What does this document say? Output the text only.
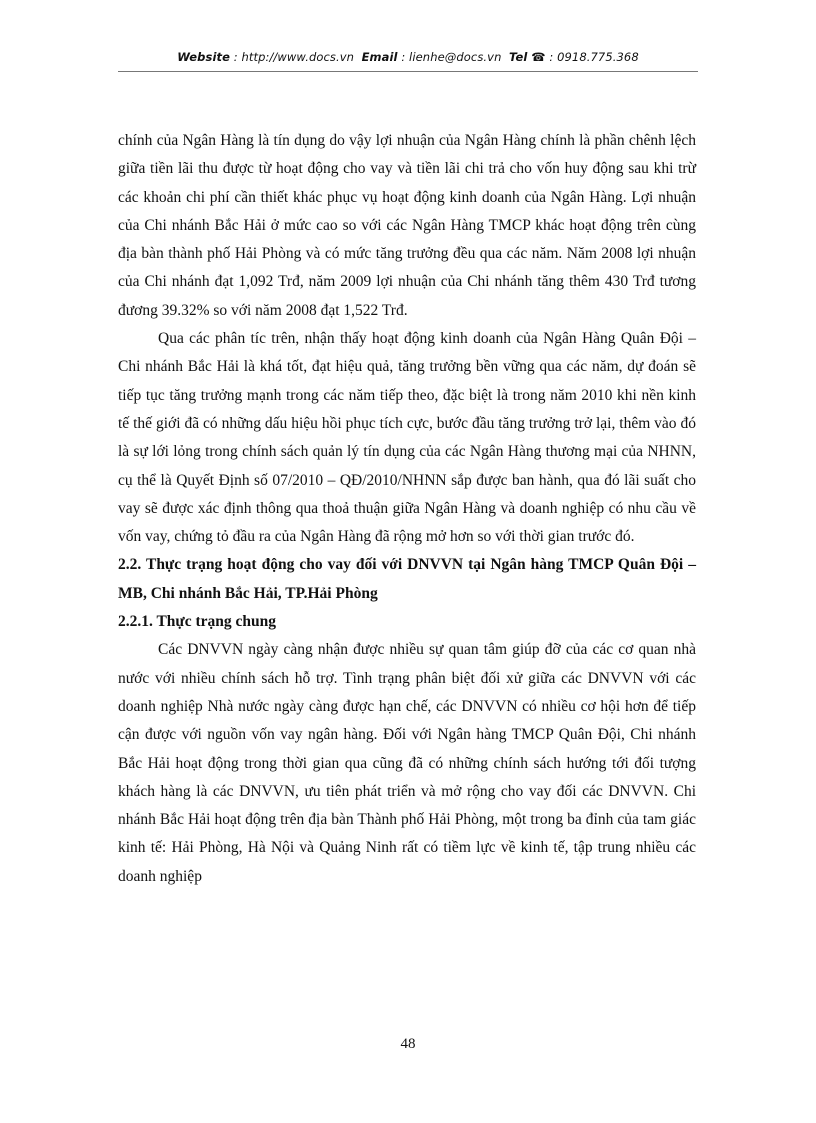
Website : http://www.docs.vn Email : lienhe@docs.vn Tel ☎ : 0918.775.368

chính của Ngân Hàng là tín dụng do vậy lợi nhuận của Ngân Hàng chính là phần chênh lệch giữa tiền lãi thu được từ hoạt động cho vay và tiền lãi chi trả cho vốn huy động sau khi trừ các khoản chi phí cần thiết khác phục vụ hoạt động kinh doanh của Ngân Hàng. Lợi nhuận của Chi nhánh Bắc Hải ở mức cao so với các Ngân Hàng TMCP khác hoạt động trên cùng địa bàn thành phố Hải Phòng và có mức tăng trưởng đều qua các năm. Năm 2008 lợi nhuận của Chi nhánh đạt 1,092 Trđ, năm 2009 lợi nhuận của Chi nhánh tăng thêm 430 Trđ tương đương 39.32% so với năm 2008 đạt 1,522 Trđ.

Qua các phân tíc trên, nhận thấy hoạt động kinh doanh của Ngân Hàng Quân Đội – Chi nhánh Bắc Hải là khá tốt, đạt hiệu quả, tăng trưởng bền vững qua các năm, dự đoán sẽ tiếp tục tăng trưởng mạnh trong các năm tiếp theo, đặc biệt là trong năm 2010 khi nền kinh tế thế giới đã có những dấu hiệu hồi phục tích cực, bước đầu tăng trưởng trở lại, thêm vào đó là sự lới lỏng trong chính sách quản lý tín dụng của các Ngân Hàng thương mại của NHNN, cụ thể là Quyết Định số 07/2010 – QĐ/2010/NHNN sắp được ban hành, qua đó lãi suất cho vay sẽ được xác định thông qua thoả thuận giữa Ngân Hàng và doanh nghiệp có nhu cầu về vốn vay, chứng tỏ đầu ra của Ngân Hàng đã rộng mở hơn so với thời gian trước đó.

2.2. Thực trạng hoạt động cho vay đối với DNVVN tại Ngân hàng TMCP Quân Đội – MB, Chi nhánh Bắc Hải, TP.Hải Phòng

2.2.1. Thực trạng chung

Các DNVVN ngày càng nhận được nhiều sự quan tâm giúp đỡ của các cơ quan nhà nước với nhiều chính sách hỗ trợ. Tình trạng phân biệt đối xử giữa các DNVVN với các doanh nghiệp Nhà nước ngày càng được hạn chế, các DNVVN có nhiều cơ hội hơn để tiếp cận được với nguồn vốn vay ngân hàng. Đối với Ngân hàng TMCP Quân Đội, Chi nhánh Bắc Hải hoạt động trong thời gian qua cũng đã có những chính sách hướng tới đối tượng khách hàng là các DNVVN, ưu tiên phát triển và mở rộng cho vay đối các DNVVN. Chi nhánh Bắc Hải hoạt động trên địa bàn Thành phố Hải Phòng, một trong ba đỉnh của tam giác kinh tế: Hải Phòng, Hà Nội và Quảng Ninh rất có tiềm lực về kinh tế, tập trung nhiều các doanh nghiệp

48
